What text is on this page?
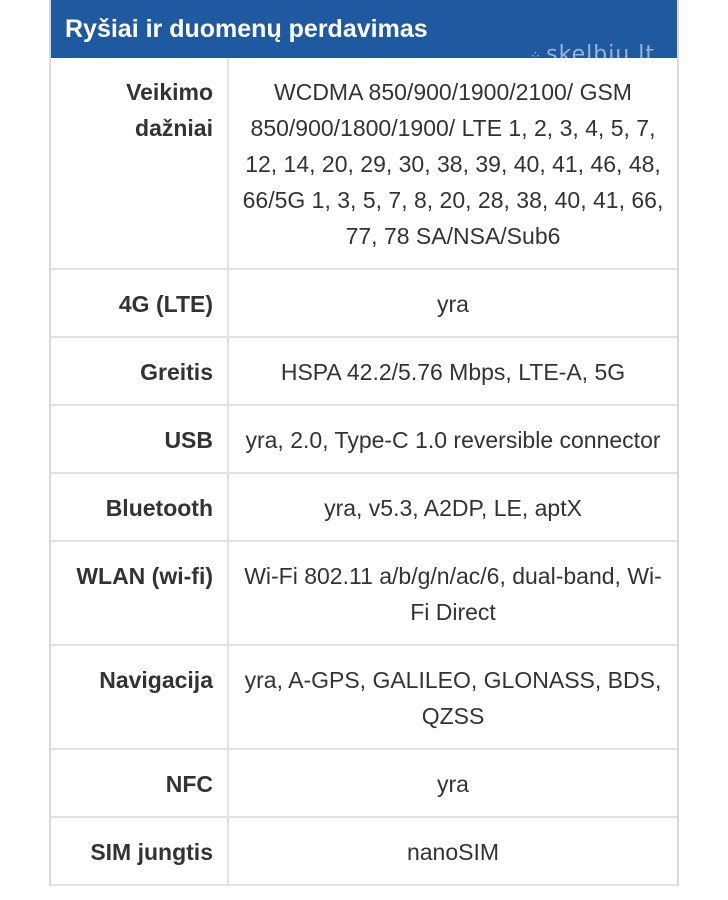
Ryšiai ir duomenų perdavimas
⁘ skelbiu.lt
Veikimo dažniai	WCDMA 850/900/1900/2100/ GSM 850/900/1800/1900/ LTE 1, 2, 3, 4, 5, 7, 12, 14, 20, 29, 30, 38, 39, 40, 41, 46, 48, 66/5G 1, 3, 5, 7, 8, 20, 28, 38, 40, 41, 66, 77, 78 SA/NSA/Sub6
4G (LTE)	yra
Greitis	HSPA 42.2/5.76 Mbps, LTE-A, 5G
USB	yra, 2.0, Type-C 1.0 reversible connector
Bluetooth	yra, v5.3, A2DP, LE, aptX
WLAN (wi-fi)	Wi-Fi 802.11 a/b/g/n/ac/6, dual-band, Wi-Fi Direct
Navigacija	yra, A-GPS, GALILEO, GLONASS, BDS, QZSS
NFC	yra
SIM jungtis	nanoSIM
